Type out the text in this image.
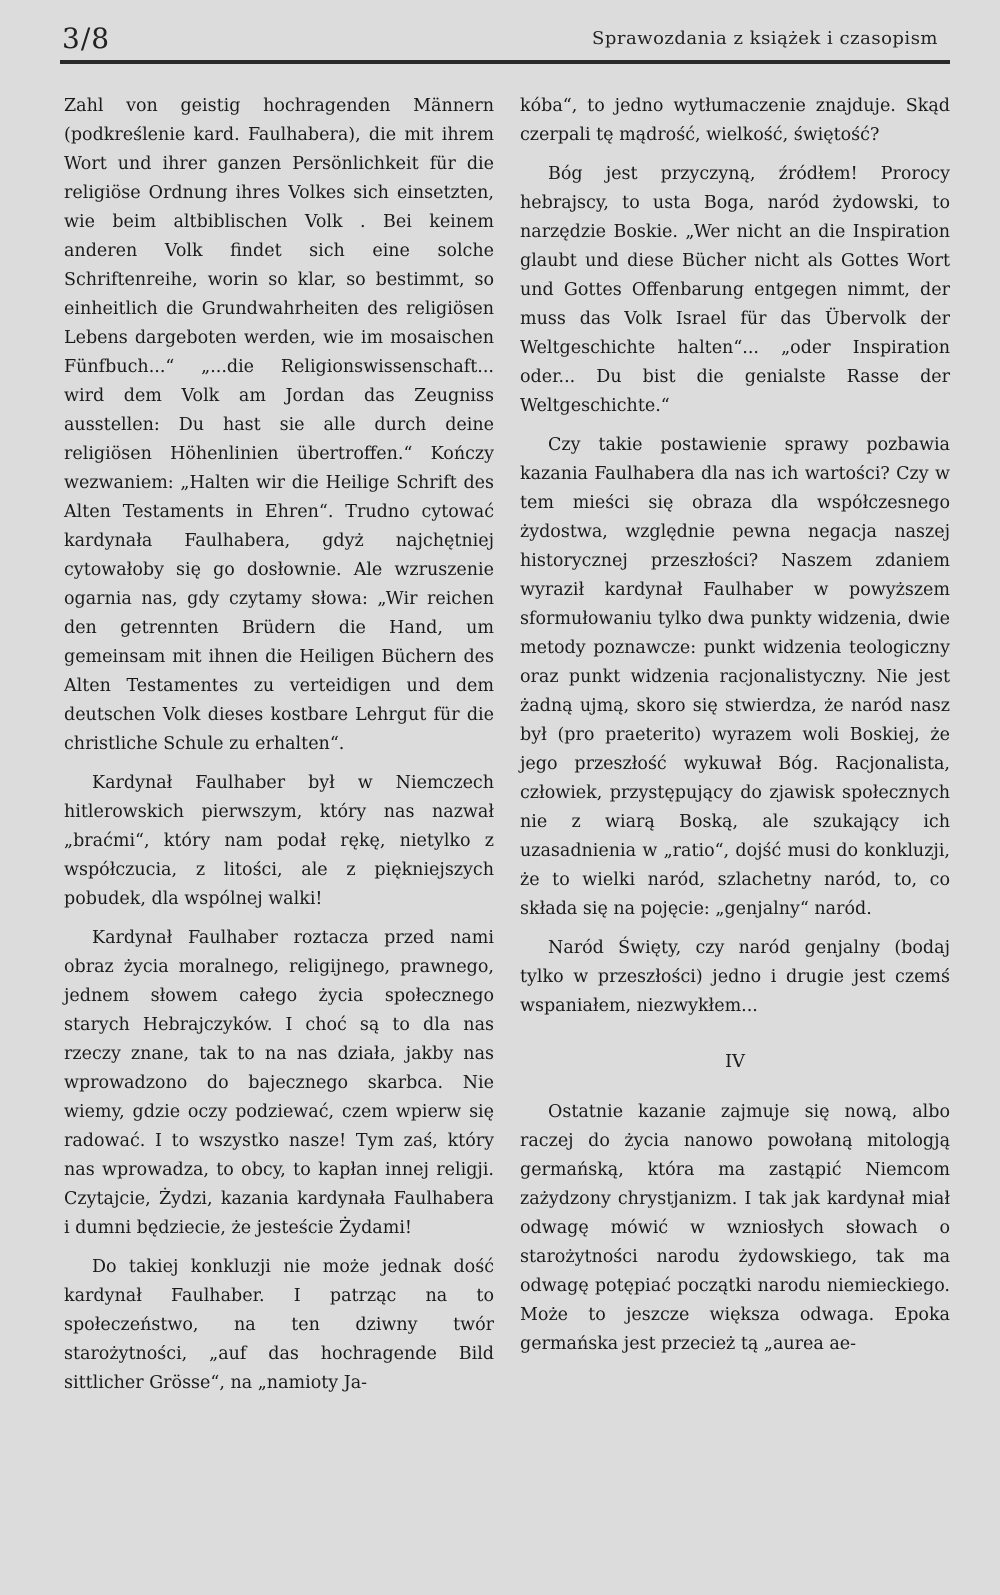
3/8	Sprawozdania z książek i czasopism

Zahl von geistig hochragenden Männern (podkreślenie kard. Faulhabera), die mit ihrem Wort und ihrer ganzen Persönlichkeit für die religiöse Ordnung ihres Volkes sich einsetzten, wie beim altbiblischen Volk . Bei keinem anderen Volk findet sich eine solche Schriftenreihe, worin so klar, so bestimmt, so einheitlich die Grundwahrheiten des religiösen Lebens dargeboten werden, wie im mosaischen Fünfbuch...“ „...die Religionswissenschaft... wird dem Volk am Jordan das Zeugniss ausstellen: Du hast sie alle durch deine religiösen Höhenlinien übertroffen.“ Kończy wezwaniem: „Halten wir die Heilige Schrift des Alten Testaments in Ehren“. Trudno cytować kardynała Faulhabera, gdyż najchętniej cytowałoby się go dosłownie. Ale wzruszenie ogarnia nas, gdy czytamy słowa: „Wir reichen den getrennten Brüdern die Hand, um gemeinsam mit ihnen die Heiligen Büchern des Alten Testamentes zu verteidigen und dem deutschen Volk dieses kostbare Lehrgut für die christliche Schule zu erhalten“.

Kardynał Faulhaber był w Niemczech hitlerowskich pierwszym, który nas nazwał „braćmi“, który nam podał rękę, nietylko z współczucia, z litości, ale z piękniejszych pobudek, dla wspólnej walki!

Kardynał Faulhaber roztacza przed nami obraz życia moralnego, religijnego, prawnego, jednem słowem całego życia społecznego starych Hebrajczyków. I choć są to dla nas rzeczy znane, tak to na nas działa, jakby nas wprowadzono do bajecznego skarbca. Nie wiemy, gdzie oczy podziewać, czem wpierw się radować. I to wszystko nasze! Tym zaś, który nas wprowadza, to obcy, to kapłan innej religji. Czytajcie, Żydzi, kazania kardynała Faulhabera i dumni będziecie, że jesteście Żydami!

Do takiej konkluzji nie może jednak dość kardynał Faulhaber. I patrząc na to społeczeństwo, na ten dziwny twór starożytności, „auf das hochragende Bild sittlicher Grösse“, na „namioty Ja-

kóba“, to jedno wytłumaczenie znajduje. Skąd czerpali tę mądrość, wielkość, świętość?

Bóg jest przyczyną, źródłem! Prorocy hebrajscy, to usta Boga, naród żydowski, to narzędzie Boskie. „Wer nicht an die Inspiration glaubt und diese Bücher nicht als Gottes Wort und Gottes Offenbarung entgegen nimmt, der muss das Volk Israel für das Übervolk der Weltgeschichte halten“... „oder Inspiration oder... Du bist die genialste Rasse der Weltgeschichte.“

Czy takie postawienie sprawy pozbawia kazania Faulhabera dla nas ich wartości? Czy w tem mieści się obraza dla współczesnego żydostwa, względnie pewna negacja naszej historycznej przeszłości? Naszem zdaniem wyraził kardynał Faulhaber w powyższem sformułowaniu tylko dwa punkty widzenia, dwie metody poznawcze: punkt widzenia teologiczny oraz punkt widzenia racjonalistyczny. Nie jest żadną ujmą, skoro się stwierdza, że naród nasz był (pro praeterito) wyrazem woli Boskiej, że jego przeszłość wykuwał Bóg. Racjonalista, człowiek, przystępujący do zjawisk społecznych nie z wiarą Boską, ale szukający ich uzasadnienia w „ratio“, dojść musi do konkluzji, że to wielki naród, szlachetny naród, to, co składa się na pojęcie: „genjalny“ naród.

Naród Święty, czy naród genjalny (bodaj tylko w przeszłości) jedno i drugie jest czemś wspaniałem, niezwykłem...

IV

Ostatnie kazanie zajmuje się nową, albo raczej do życia nanowo powołaną mitologją germańską, która ma zastąpić Niemcom zażydzony chrystjanizm. I tak jak kardynał miał odwagę mówić w wzniosłych słowach o starożytności narodu żydowskiego, tak ma odwagę potępiać początki narodu niemieckiego. Może to jeszcze większa odwaga. Epoka germańska jest przecież tą „aurea ae-
